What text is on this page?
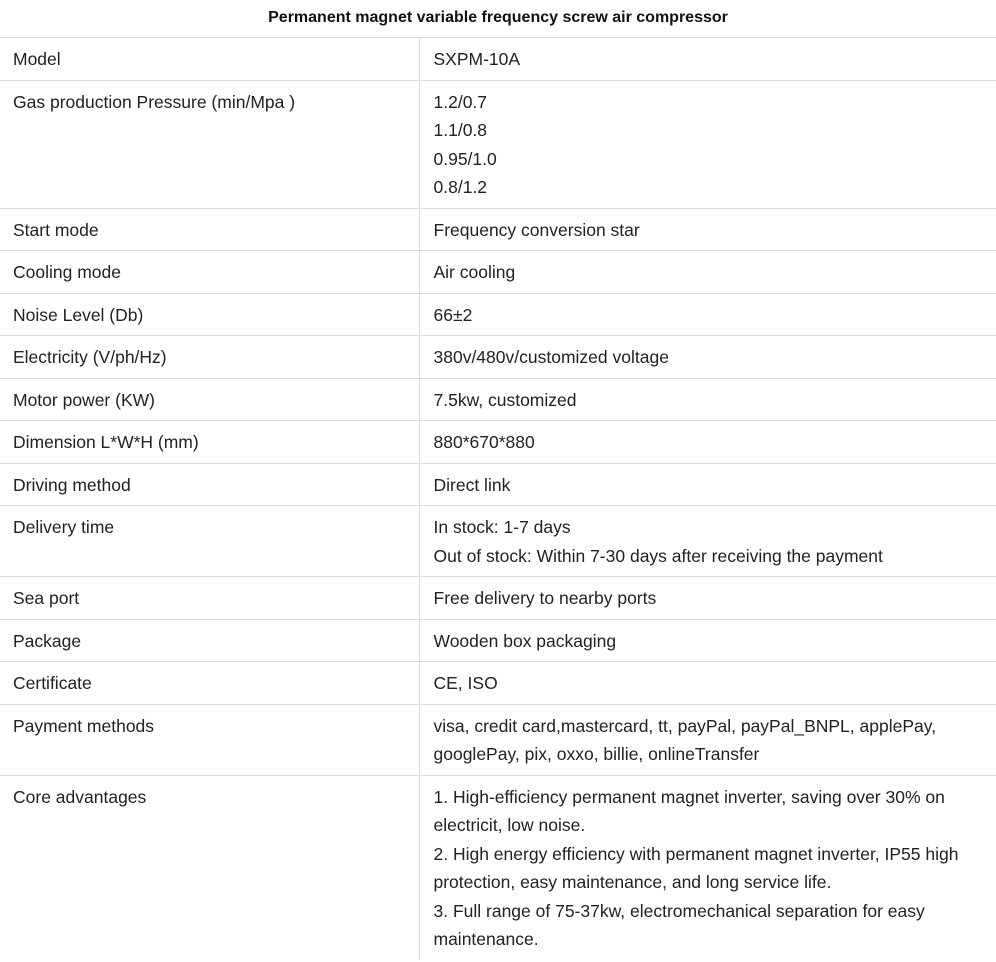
Permanent magnet variable frequency screw air compressor
Model	SXPM-10A

Gas production Pressure (min/Mpa )	1.2/0.7
1.1/0.8
0.95/1.0
0.8/1.2

Start mode	Frequency conversion star

Cooling mode	Air cooling

Noise Level (Db)	66±2

Electricity (V/ph/Hz)	380v/480v/customized voltage

Motor power (KW)	7.5kw, customized

Dimension L*W*H (mm)	880*670*880

Driving method	Direct link

Delivery time	In stock: 1-7 days
Out of stock: Within 7-30 days after receiving the payment

Sea port	Free delivery to nearby ports

Package	Wooden box packaging

Certificate	CE, ISO

Payment methods	visa, credit card,mastercard, tt, payPal, payPal_BNPL, applePay, googlePay, pix, oxxo, billie, onlineTransfer

Core advantages	1. High-efficiency permanent magnet inverter, saving over 30% on electricit, low noise.
2. High energy efficiency with permanent magnet inverter, IP55 high protection, easy maintenance, and long service life.
3. Full range of 75-37kw, electromechanical separation for easy maintenance.
